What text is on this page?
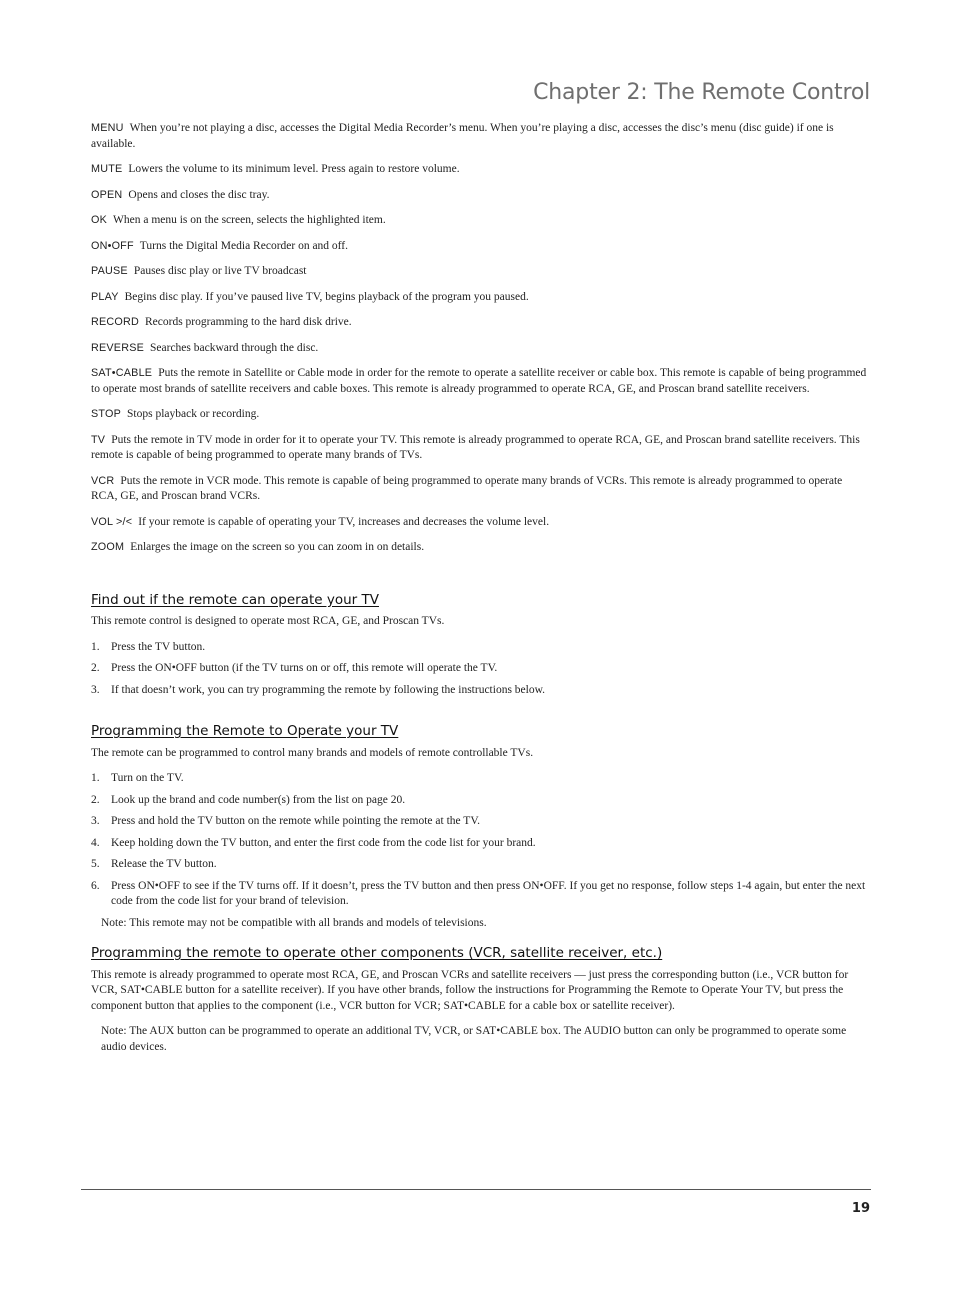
Chapter 2: The Remote Control

MENU When you’re not playing a disc, accesses the Digital Media Recorder’s menu. When you’re playing a disc, accesses the disc’s menu (disc guide) if one is available.

MUTE Lowers the volume to its minimum level. Press again to restore volume.

OPEN Opens and closes the disc tray.

OK When a menu is on the screen, selects the highlighted item.

ON•OFF Turns the Digital Media Recorder on and off.

PAUSE Pauses disc play or live TV broadcast

PLAY Begins disc play. If you’ve paused live TV, begins playback of the program you paused.

RECORD Records programming to the hard disk drive.

REVERSE Searches backward through the disc.

SAT•CABLE Puts the remote in Satellite or Cable mode in order for the remote to operate a satellite receiver or cable box. This remote is capable of being programmed to operate most brands of satellite receivers and cable boxes. This remote is already programmed to operate RCA, GE, and Proscan brand satellite receivers.

STOP Stops playback or recording.

TV Puts the remote in TV mode in order for it to operate your TV. This remote is already programmed to operate RCA, GE, and Proscan brand satellite receivers. This remote is capable of being programmed to operate many brands of TVs.

VCR Puts the remote in VCR mode. This remote is capable of being programmed to operate many brands of VCRs. This remote is already programmed to operate RCA, GE, and Proscan brand VCRs.

VOL >/< If your remote is capable of operating your TV, increases and decreases the volume level.

ZOOM Enlarges the image on the screen so you can zoom in on details.

Find out if the remote can operate your TV

This remote control is designed to operate most RCA, GE, and Proscan TVs.

1. Press the TV button.
2. Press the ON•OFF button (if the TV turns on or off, this remote will operate the TV.
3. If that doesn’t work, you can try programming the remote by following the instructions below.
Programming the Remote to Operate your TV

The remote can be programmed to control many brands and models of remote controllable TVs.

1. Turn on the TV.
2. Look up the brand and code number(s) from the list on page 20.
3. Press and hold the TV button on the remote while pointing the remote at the TV.
4. Keep holding down the TV button, and enter the first code from the code list for your brand.
5. Release the TV button.
6. Press ON•OFF to see if the TV turns off. If it doesn’t, press the TV button and then press ON•OFF. If you get no response, follow steps 1-4 again, but enter the next code from the code list for your brand of television.

Note: This remote may not be compatible with all brands and models of televisions.

Programming the remote to operate other components (VCR, satellite receiver, etc.)

This remote is already programmed to operate most RCA, GE, and Proscan VCRs and satellite receivers — just press the corresponding button (i.e., VCR button for VCR, SAT•CABLE button for a satellite receiver). If you have other brands, follow the instructions for Programming the Remote to Operate Your TV, but press the component button that applies to the component (i.e., VCR button for VCR; SAT•CABLE for a cable box or satellite receiver).

Note: The AUX button can be programmed to operate an additional TV, VCR, or SAT•CABLE box. The AUDIO button can only be programmed to operate some audio devices.

19
